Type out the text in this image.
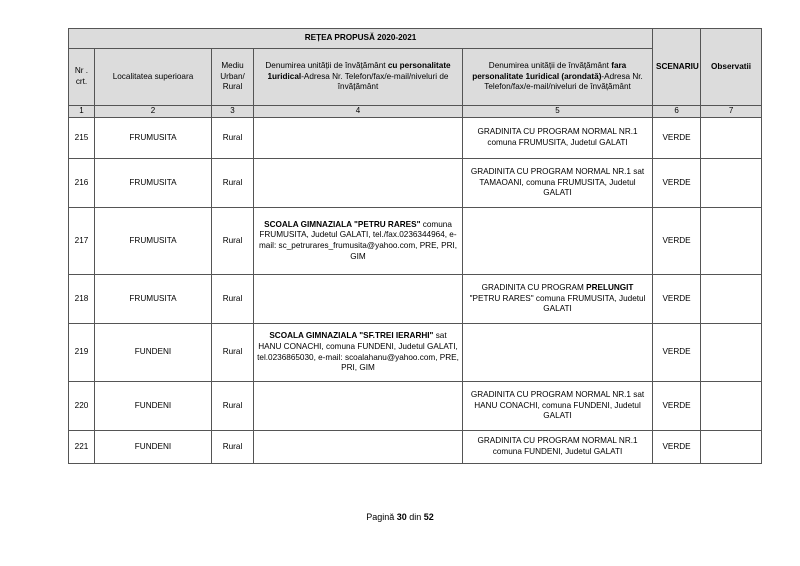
REȚEA PROPUSĂ 2020-2021					SCENARIU	Observatii
Nr . crt.	Localitatea superioara	Mediu Urban/ Rural	Denumirea unității de învățământ cu personalitate 1uridical-Adresa Nr. Telefon/fax/e-mail/niveluri de învățământ	Denumirea unității de învățământ fara personalitate 1uridical (arondată)-Adresa Nr. Telefon/fax/e-mail/niveluri de învățământ		
1	2	3	4	5	6	7
215	FRUMUSITA	Rural		GRADINITA CU PROGRAM NORMAL NR.1 comuna FRUMUSITA, Judetul GALATI	VERDE	
216	FRUMUSITA	Rural		GRADINITA CU PROGRAM NORMAL NR.1 sat TAMAOANI, comuna FRUMUSITA, Judetul GALATI	VERDE	
217	FRUMUSITA	Rural	SCOALA GIMNAZIALA "PETRU RARES" comuna FRUMUSITA, Judetul GALATI, tel./fax.0236344964, e-mail: sc_petrurares_frumusita@yahoo.com, PRE, PRI, GIM		VERDE	
218	FRUMUSITA	Rural		GRADINITA CU PROGRAM PRELUNGIT "PETRU RARES" comuna FRUMUSITA, Judetul GALATI	VERDE	
219	FUNDENI	Rural	SCOALA GIMNAZIALA "SF.TREI IERARHI" sat HANU CONACHI, comuna FUNDENI, Judetul GALATI, tel.0236865030, e-mail: scoalahanu@yahoo.com, PRE, PRI, GIM		VERDE	
220	FUNDENI	Rural		GRADINITA CU PROGRAM NORMAL NR.1 sat HANU CONACHI, comuna FUNDENI, Judetul GALATI	VERDE	
221	FUNDENI	Rural		GRADINITA CU PROGRAM NORMAL NR.1 comuna FUNDENI, Judetul GALATI	VERDE	
Pagină 30 din 52
